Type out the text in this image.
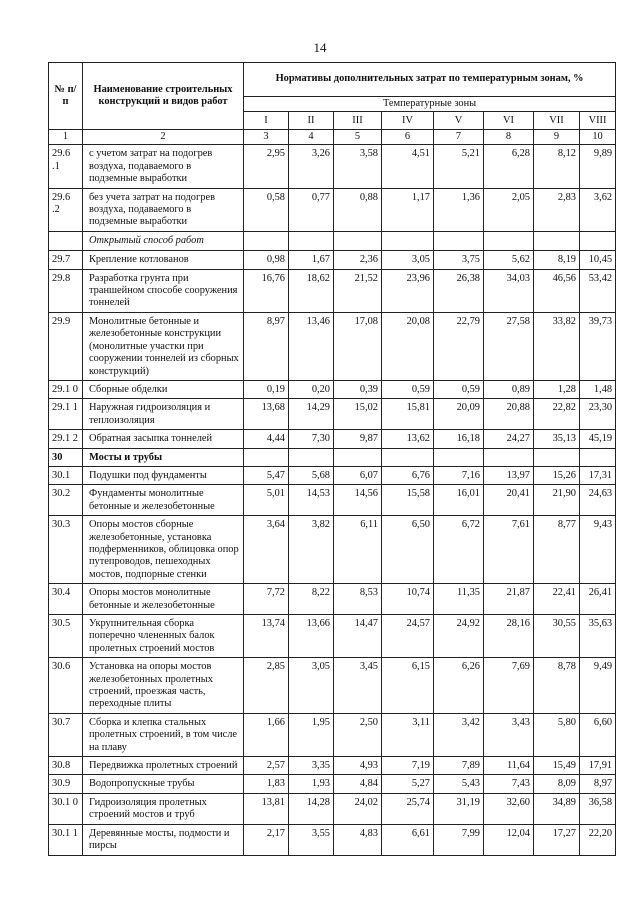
14
№ п/п	Наименование строительных конструкций и видов работ	Нормативы дополнительных затрат по температурным зонам, %							
		Температурные зоны							
		I	II	III	IV	V	VI	VII	VIII
1	2	3	4	5	6	7	8	9	10
29.6 .1	с учетом затрат на подогрев воздуха, подаваемого в подземные выработки	2,95	3,26	3,58	4,51	5,21	6,28	8,12	9,89
29.6 .2	без учета затрат на подогрев воздуха, подаваемого в подземные выработки	0,58	0,77	0,88	1,17	1,36	2,05	2,83	3,62
	Открытый способ работ								
29.7	Крепление котлованов	0,98	1,67	2,36	3,05	3,75	5,62	8,19	10,45
29.8	Разработка грунта при траншейном способе сооружения тоннелей	16,76	18,62	21,52	23,96	26,38	34,03	46,56	53,42
29.9	Монолитные бетонные и железобетонные конструкции (монолитные участки при сооружении тоннелей из сборных конструкций)	8,97	13,46	17,08	20,08	22,79	27,58	33,82	39,73
29.1 0	Сборные обделки	0,19	0,20	0,39	0,59	0,59	0,89	1,28	1,48
29.1 1	Наружная гидроизоляция и теплоизоляция	13,68	14,29	15,02	15,81	20,09	20,88	22,82	23,30
29.1 2	Обратная засыпка тоннелей	4,44	7,30	9,87	13,62	16,18	24,27	35,13	45,19
30	Мосты и трубы								
30.1	Подушки под фундаменты	5,47	5,68	6,07	6,76	7,16	13,97	15,26	17,31
30.2	Фундаменты монолитные бетонные и железобетонные	5,01	14,53	14,56	15,58	16,01	20,41	21,90	24,63
30.3	Опоры мостов сборные железобетонные, установка подферменников, облицовка опор путепроводов, пешеходных мостов, подпорные стенки	3,64	3,82	6,11	6,50	6,72	7,61	8,77	9,43
30.4	Опоры мостов монолитные бетонные и железобетонные	7,72	8,22	8,53	10,74	11,35	21,87	22,41	26,41
30.5	Укрупнительная сборка поперечно члененных балок пролетных строений мостов	13,74	13,66	14,47	24,57	24,92	28,16	30,55	35,63
30.6	Установка на опоры мостов железобетонных пролетных строений, проезжая часть, переходные плиты	2,85	3,05	3,45	6,15	6,26	7,69	8,78	9,49
30.7	Сборка и клепка стальных пролетных строений, в том числе на плаву	1,66	1,95	2,50	3,11	3,42	3,43	5,80	6,60
30.8	Передвижка пролетных строений	2,57	3,35	4,93	7,19	7,89	11,64	15,49	17,91
30.9	Водопропускные трубы	1,83	1,93	4,84	5,27	5,43	7,43	8,09	8,97
30.1 0	Гидроизоляция пролетных строений мостов и труб	13,81	14,28	24,02	25,74	31,19	32,60	34,89	36,58
30.1 1	Деревянные мосты, подмости и пирсы	2,17	3,55	4,83	6,61	7,99	12,04	17,27	22,20
